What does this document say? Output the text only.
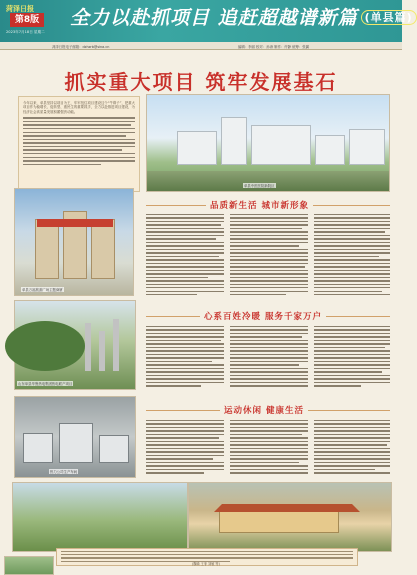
菏泽日报
第8版
2023年7月18日 星期二
全力以赴抓项目 追赶超越谱新篇 (单县篇)
菏泽日报电子邮箱：dzhzrb@sina.cn	编辑：李丽 校对：孙涛 制作：许静 统筹：张翼
抓实重大项目 筑牢发展基石
今年以来，单县坚持以项目为王，牢牢扭住项目建设这个“牛鼻子”，把重大项目作为稳增长、促转型、惠民生的重要抓手，全力以赴推进项目建设，为经济社会高质量发展积蓄强劲动能。
单县中医医院新院区
品质新生活 城市新形象
单县万福旅游广场主题商厦
山东单县华鲁热电集团热电联产项目
心系百姓冷暖 服务千家万户
热力公司生产车间
运动休闲 健康生活
(魏瑜 王菲 刘敏 等)
